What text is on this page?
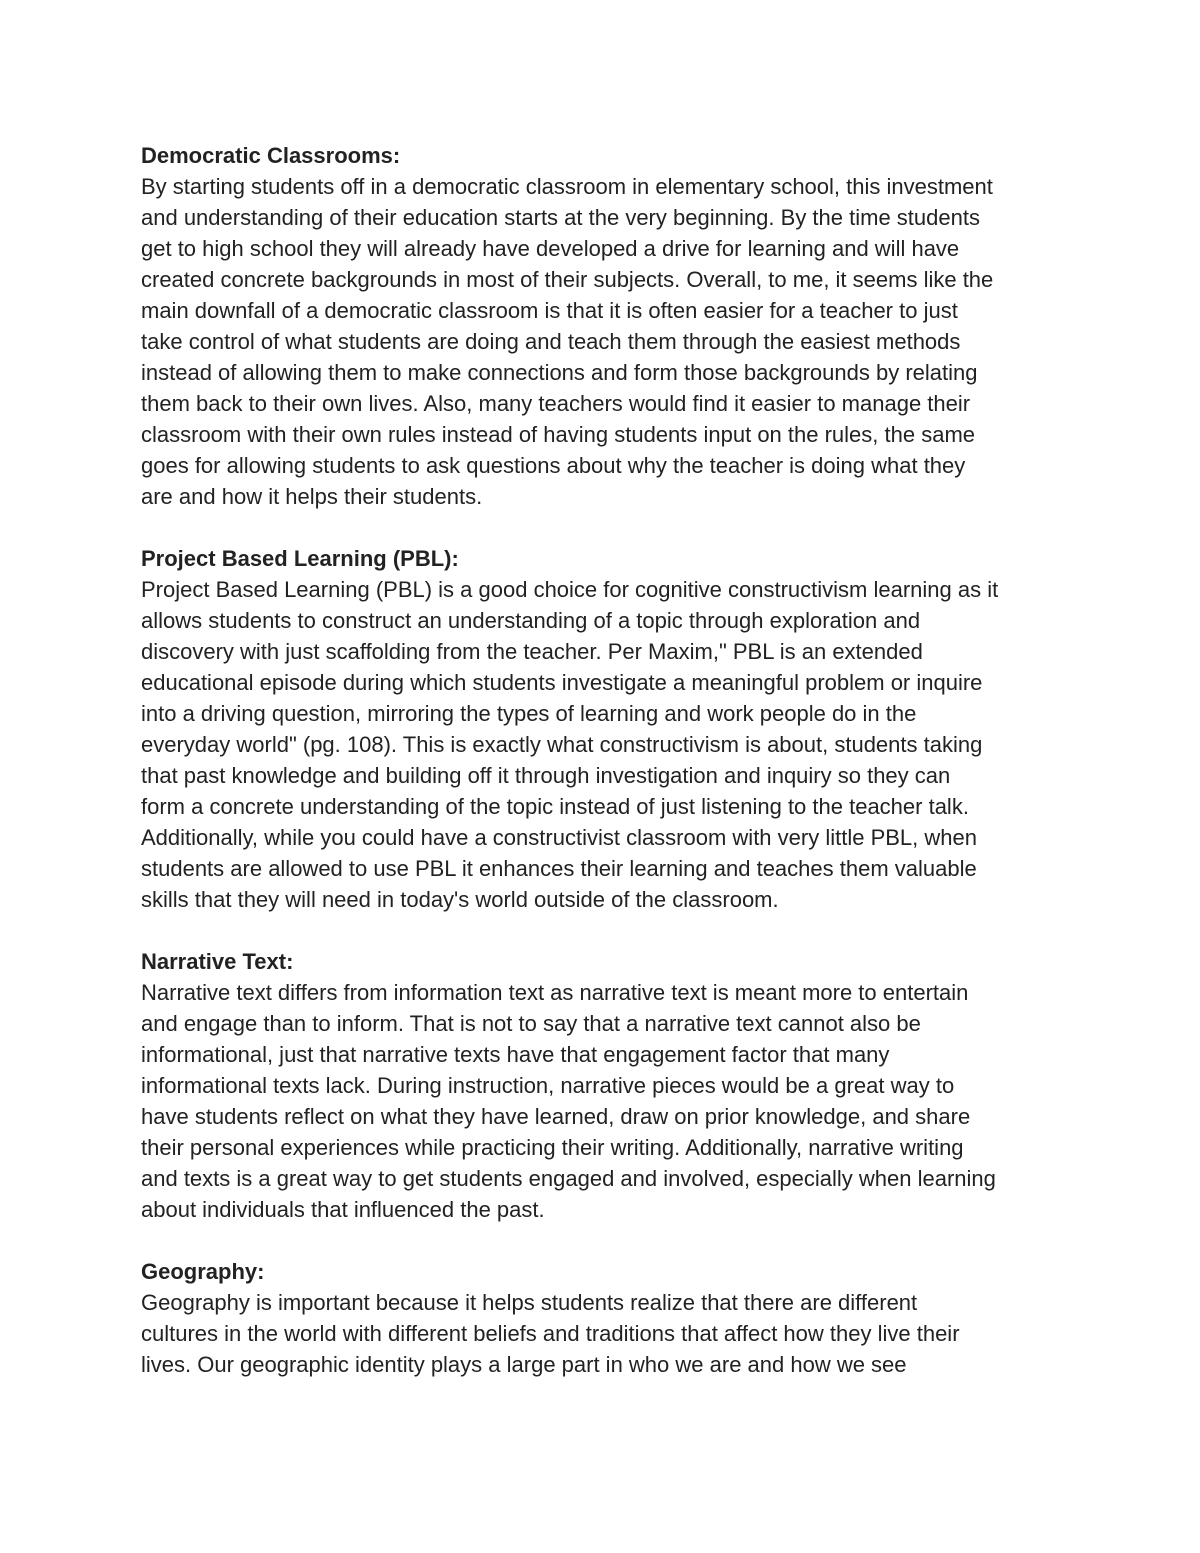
Democratic Classrooms:

By starting students off in a democratic classroom in elementary school, this investment
and understanding of their education starts at the very beginning. By the time students
get to high school they will already have developed a drive for learning and will have
created concrete backgrounds in most of their subjects. Overall, to me, it seems like the
main downfall of a democratic classroom is that it is often easier for a teacher to just
take control of what students are doing and teach them through the easiest methods
instead of allowing them to make connections and form those backgrounds by relating
them back to their own lives. Also, many teachers would find it easier to manage their
classroom with their own rules instead of having students input on the rules, the same
goes for allowing students to ask questions about why the teacher is doing what they
are and how it helps their students.

Project Based Learning (PBL):

Project Based Learning (PBL) is a good choice for cognitive constructivism learning as it
allows students to construct an understanding of a topic through exploration and
discovery with just scaffolding from the teacher. Per Maxim," PBL is an extended
educational episode during which students investigate a meaningful problem or inquire
into a driving question, mirroring the types of learning and work people do in the
everyday world" (pg. 108). This is exactly what constructivism is about, students taking
that past knowledge and building off it through investigation and inquiry so they can
form a concrete understanding of the topic instead of just listening to the teacher talk.
Additionally, while you could have a constructivist classroom with very little PBL, when
students are allowed to use PBL it enhances their learning and teaches them valuable
skills that they will need in today's world outside of the classroom.

Narrative Text:

Narrative text differs from information text as narrative text is meant more to entertain
and engage than to inform. That is not to say that a narrative text cannot also be
informational, just that narrative texts have that engagement factor that many
informational texts lack. During instruction, narrative pieces would be a great way to
have students reflect on what they have learned, draw on prior knowledge, and share
their personal experiences while practicing their writing. Additionally, narrative writing
and texts is a great way to get students engaged and involved, especially when learning
about individuals that influenced the past.

Geography:

Geography is important because it helps students realize that there are different
cultures in the world with different beliefs and traditions that affect how they live their
lives. Our geographic identity plays a large part in who we are and how we see
